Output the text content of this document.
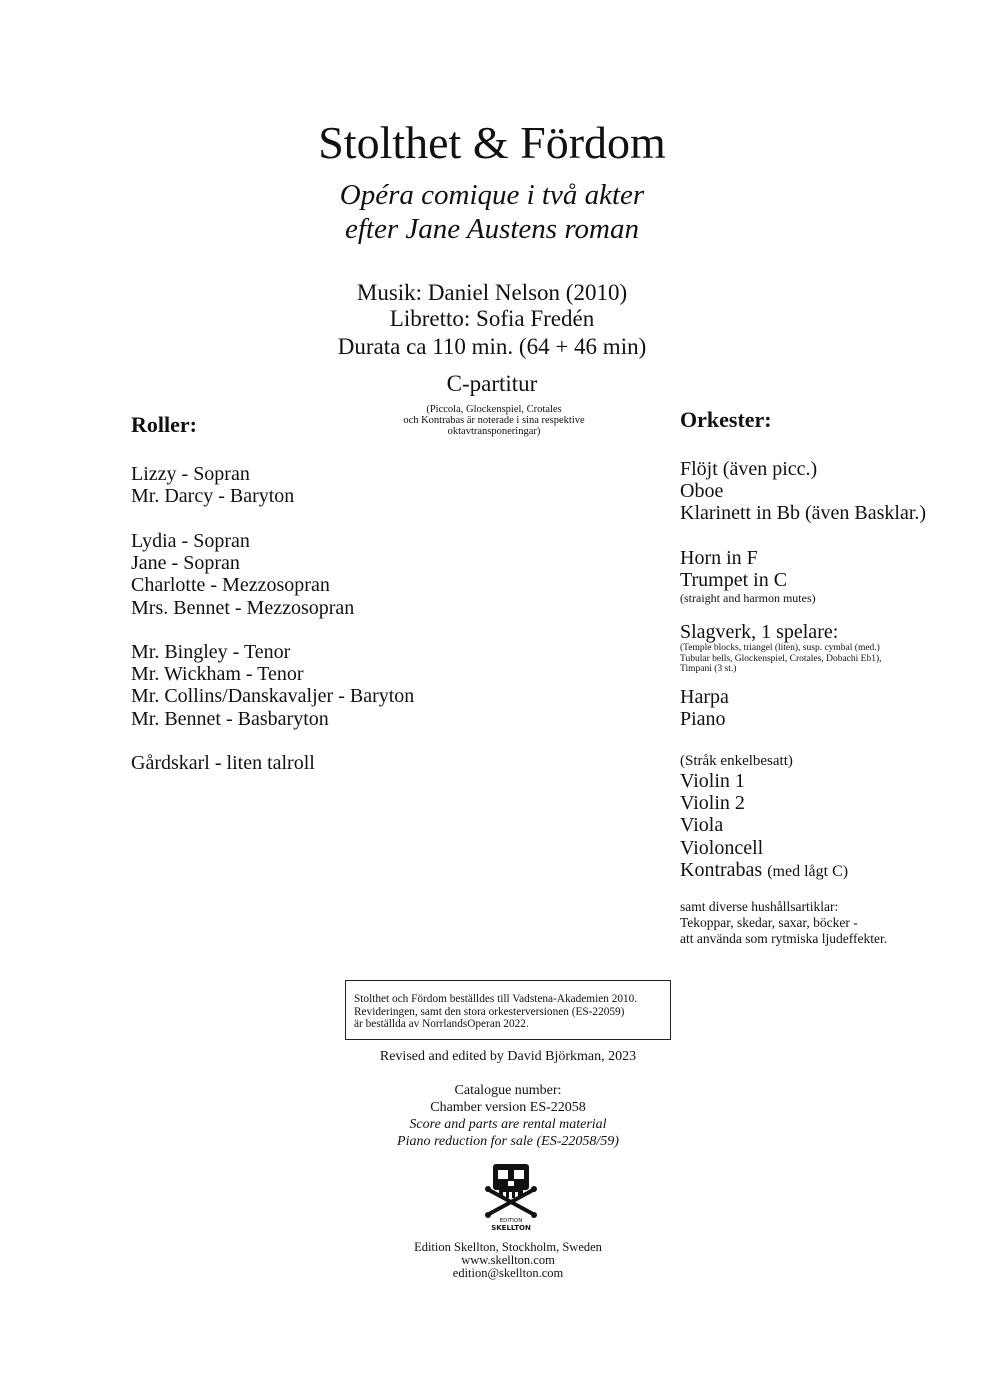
Stolthet & Fördom
Opéra comique i två akter
efter Jane Austens roman
Musik: Daniel Nelson (2010)
Libretto: Sofia Fredén
Durata ca 110 min. (64 + 46 min)
C-partitur
(Piccola, Glockenspiel, Crotales
och Kontrabas är noterade i sina respektive
oktavtransponeringar)
Roller:
Lizzy - Sopran
Mr. Darcy - Baryton
Lydia - Sopran
Jane - Sopran
Charlotte - Mezzosopran
Mrs. Bennet - Mezzosopran
Mr. Bingley - Tenor
Mr. Wickham - Tenor
Mr. Collins/Danskavaljer - Baryton
Mr. Bennet - Basbaryton
Gårdskarl - liten talroll
Orkester:
Flöjt (även picc.)
Oboe
Klarinett in Bb (även Basklar.)
Horn in F
Trumpet in C
(straight and harmon mutes)
Slagverk, 1 spelare:
(Temple blocks, triangel (liten), susp. cymbal (med.)
Tubular bells, Glockenspiel, Crotales, Dobachi Eb1),
Timpani (3 st.)
Harpa
Piano
(Stråk enkelbesatt)
Violin 1
Violin 2
Viola
Violoncell
Kontrabas (med lågt C)
samt diverse hushållsartiklar:
Tekoppar, skedar, saxar, böcker -
att använda som rytmiska ljudeffekter.
Stolthet och Fördom beställdes till Vadstena-Akademien 2010.
Revideringen, samt den stora orkesterversionen (ES-22059)
är beställda av NorrlandsOperan 2022.
Revised and edited by David Björkman, 2023
Catalogue number:
Chamber version ES-22058
Score and parts are rental material
Piano reduction for sale (ES-22058/59)
EDITION
SKELLTON
Edition Skellton, Stockholm, Sweden
www.skellton.com
edition@skellton.com
